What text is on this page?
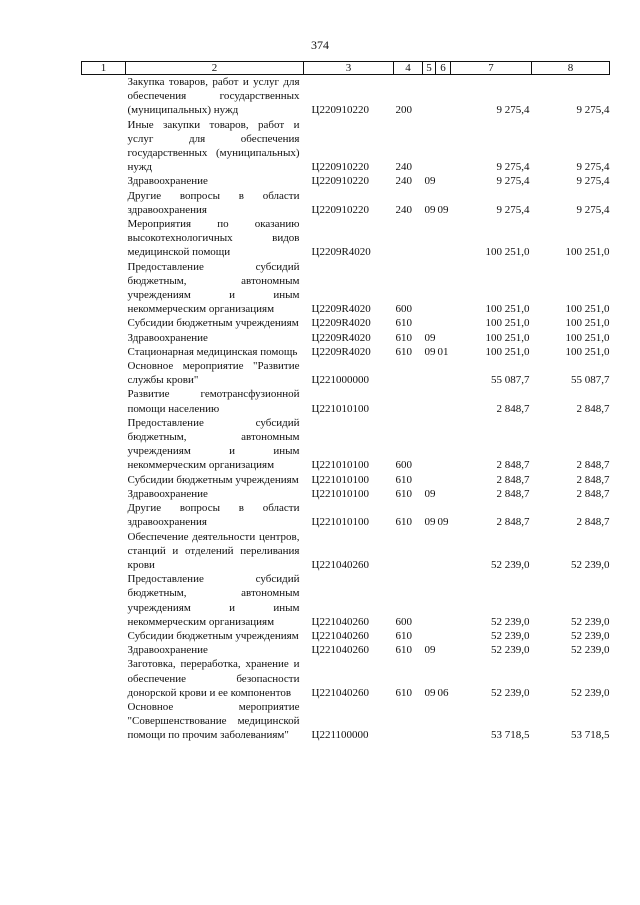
374
1	2	3	4	5	6	7	8
	Закупка товаров, работ и услуг для обеспечения государственных (муниципальных) нужд	Ц220910220	200			9 275,4	9 275,4
	Иные закупки товаров, работ и услуг для обеспечения государственных (муниципальных) нужд	Ц220910220	240			9 275,4	9 275,4
	Здравоохранение	Ц220910220	240	09		9 275,4	9 275,4
	Другие вопросы в области здравоохранения	Ц220910220	240	09	09	9 275,4	9 275,4
	Мероприятия по оказанию высокотехнологичных видов медицинской помощи	Ц2209R4020				100 251,0	100 251,0
	Предоставление субсидий бюджетным, автономным учреждениям и иным некоммерческим организациям	Ц2209R4020	600			100 251,0	100 251,0
	Субсидии бюджетным учреждениям	Ц2209R4020	610			100 251,0	100 251,0
	Здравоохранение	Ц2209R4020	610	09		100 251,0	100 251,0
	Стационарная медицинская помощь	Ц2209R4020	610	09	01	100 251,0	100 251,0
	Основное мероприятие "Развитие службы крови"	Ц221000000				55 087,7	55 087,7
	Развитие гемотрансфузионной помощи населению	Ц221010100				2 848,7	2 848,7
	Предоставление субсидий бюджетным, автономным учреждениям и иным некоммерческим организациям	Ц221010100	600			2 848,7	2 848,7
	Субсидии бюджетным учреждениям	Ц221010100	610			2 848,7	2 848,7
	Здравоохранение	Ц221010100	610	09		2 848,7	2 848,7
	Другие вопросы в области здравоохранения	Ц221010100	610	09	09	2 848,7	2 848,7
	Обеспечение деятельности центров, станций и отделений переливания крови	Ц221040260				52 239,0	52 239,0
	Предоставление субсидий бюджетным, автономным учреждениям и иным некоммерческим организациям	Ц221040260	600			52 239,0	52 239,0
	Субсидии бюджетным учреждениям	Ц221040260	610			52 239,0	52 239,0
	Здравоохранение	Ц221040260	610	09		52 239,0	52 239,0
	Заготовка, переработка, хранение и обеспечение безопасности донорской крови и ее компонентов	Ц221040260	610	09	06	52 239,0	52 239,0
	Основное мероприятие "Совершенствование медицинской помощи по прочим заболеваниям"	Ц221100000				53 718,5	53 718,5
